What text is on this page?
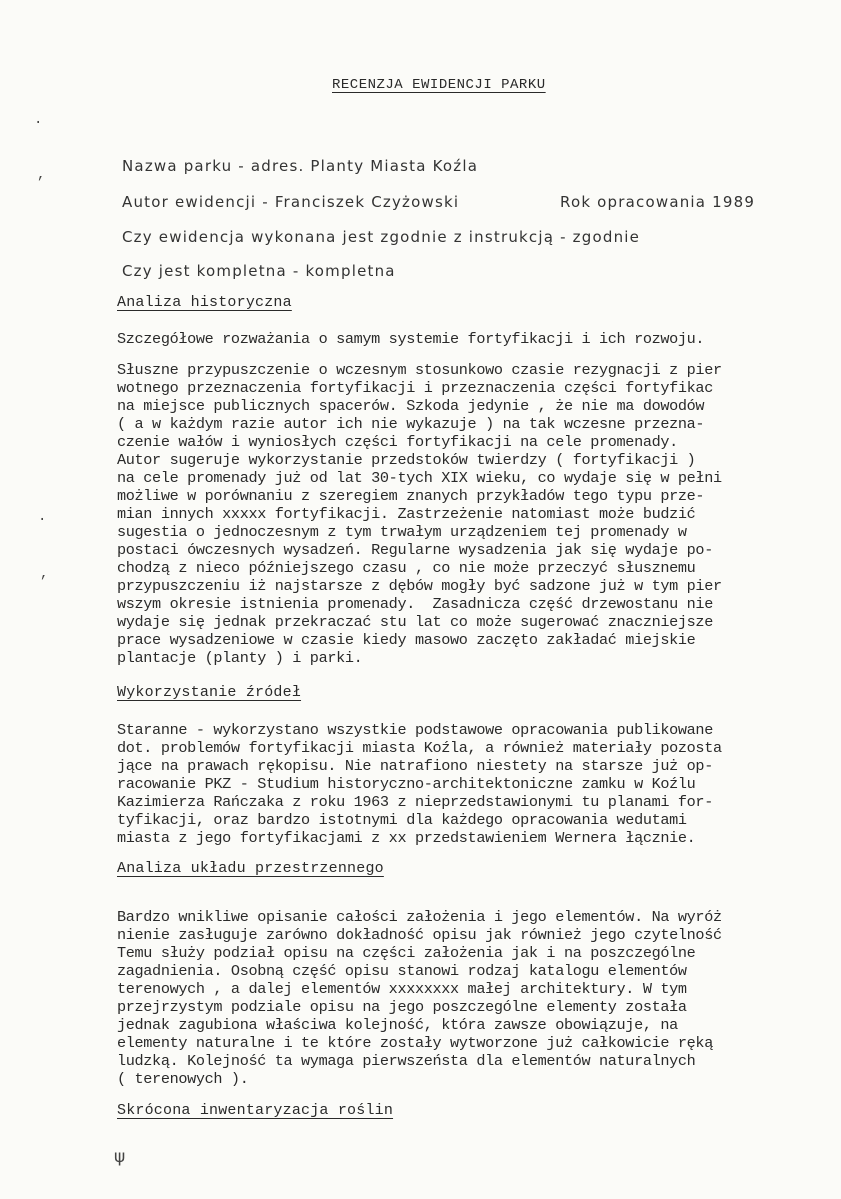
RECENZJA EWIDENCJI PARKU
Nazwa parku - adres. Planty Miasta Koźla
Autor ewidencji - Franciszek Czyżowski	Rok opracowania 1989
Czy ewidencja wykonana jest zgodnie z instrukcją - zgodnie
Czy jest kompletna - kompletna
Analiza historyczna
Szczegółowe rozważania o samym systemie fortyfikacji i ich rozwoju.
Słuszne przypuszczenie o wczesnym stosunkowo czasie rezygnacji z pier
wotnego przeznaczenia fortyfikacji i przeznaczenia części fortyfikac
na miejsce publicznych spacerów. Szkoda jedynie , że nie ma dowodów
( a w każdym razie autor ich nie wykazuje ) na tak wczesne przezna-
czenie wałów i wyniosłych części fortyfikacji na cele promenady.
Autor sugeruje wykorzystanie przedstoków twierdzy ( fortyfikacji )
na cele promenady już od lat 30-tych XIX wieku, co wydaje się w pełni
możliwe w porównaniu z szeregiem znanych przykładów tego typu prze-
mian innych xxxxx fortyfikacji. Zastrzeżenie natomiast może budzić
sugestia o jednoczesnym z tym trwałym urządzeniem tej promenady w
postaci ówczesnych wysadzeń. Regularne wysadzenia jak się wydaje po-
chodzą z nieco późniejszego czasu , co nie może przeczyć słusznemu
przypuszczeniu iż najstarsze z dębów mogły być sadzone już w tym pier
wszym okresie istnienia promenady.  Zasadnicza część drzewostanu nie
wydaje się jednak przekraczać stu lat co może sugerować znaczniejsze
prace wysadzeniowe w czasie kiedy masowo zaczęto zakładać miejskie
plantacje (planty ) i parki.
Wykorzystanie źródeł
Staranne - wykorzystano wszystkie podstawowe opracowania publikowane
dot. problemów fortyfikacji miasta Koźla, a również materiały pozosta
jące na prawach rękopisu. Nie natrafiono niestety na starsze już op-
racowanie PKZ - Studium historyczno-architektoniczne zamku w Koźlu
Kazimierza Rańczaka z roku 1963 z nieprzedstawionymi tu planami for-
tyfikacji, oraz bardzo istotnymi dla każdego opracowania wedutami
miasta z jego fortyfikacjami z xx przedstawieniem Wernera łącznie.
Analiza układu przestrzennego
Bardzo wnikliwe opisanie całości założenia i jego elementów. Na wyróż
nienie zasługuje zarówno dokładność opisu jak również jego czytelność
Temu służy podział opisu na części założenia jak i na poszczególne
zagadnienia. Osobną część opisu stanowi rodzaj katalogu elementów
terenowych , a dalej elementów xxxxxxxx małej architektury. W tym
przejrzystym podziale opisu na jego poszczególne elementy została
jednak zagubiona właściwa kolejność, która zawsze obowiązuje, na
elementy naturalne i te które zostały wytworzone już całkowicie ręką
ludzką. Kolejność ta wymaga pierwszeństa dla elementów naturalnych
( terenowych ).
Skrócona inwentaryzacja roślin
ψ
·
,
·
,
